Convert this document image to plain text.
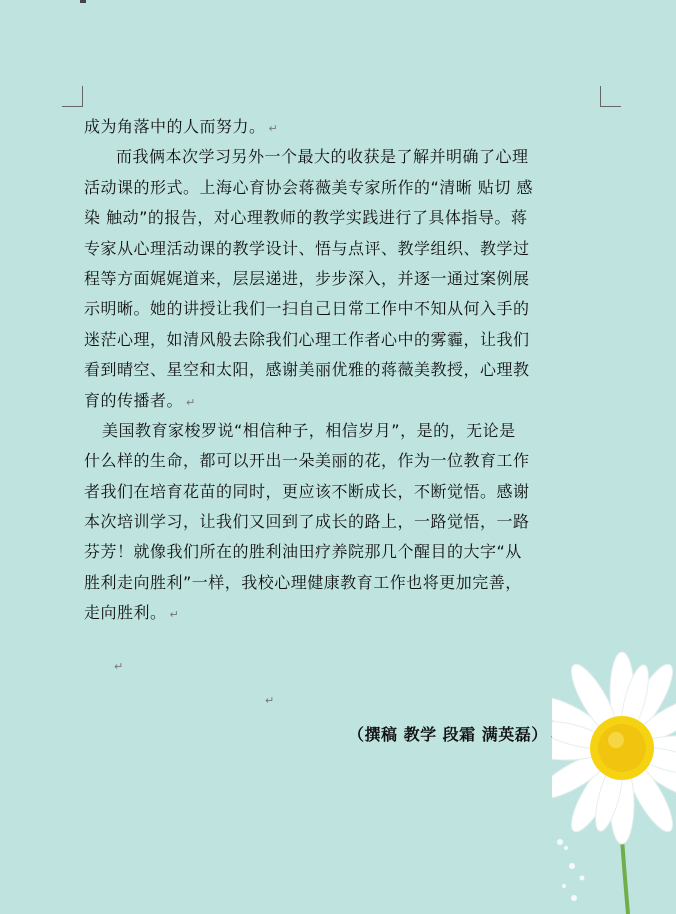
成为角落中的人而努力。 ↵
而我俩本次学习另外一个最大的收获是了解并明确了心理
活动课的形式。上海心育协会蒋薇美专家所作的“清晰 贴切 感
染 触动”的报告，对心理教师的教学实践进行了具体指导。蒋
专家从心理活动课的教学设计、悟与点评、教学组织、教学过
程等方面娓娓道来，层层递进，步步深入，并逐一通过案例展
示明晰。她的讲授让我们一扫自己日常工作中不知从何入手的
迷茫心理，如清风般去除我们心理工作者心中的雾霾，让我们
看到晴空、星空和太阳，感谢美丽优雅的蒋薇美教授，心理教
育的传播者。 ↵
美国教育家梭罗说“相信种子，相信岁月”，是的，无论是
什么样的生命，都可以开出一朵美丽的花，作为一位教育工作
者我们在培育花苗的同时，更应该不断成长，不断觉悟。感谢
本次培训学习，让我们又回到了成长的路上，一路觉悟，一路
芬芳！就像我们所在的胜利油田疗养院那几个醒目的大字“从
胜利走向胜利”一样，我校心理健康教育工作也将更加完善，
走向胜利。 ↵
↵
↵
（撰稿 教学 段霜 满英磊）
